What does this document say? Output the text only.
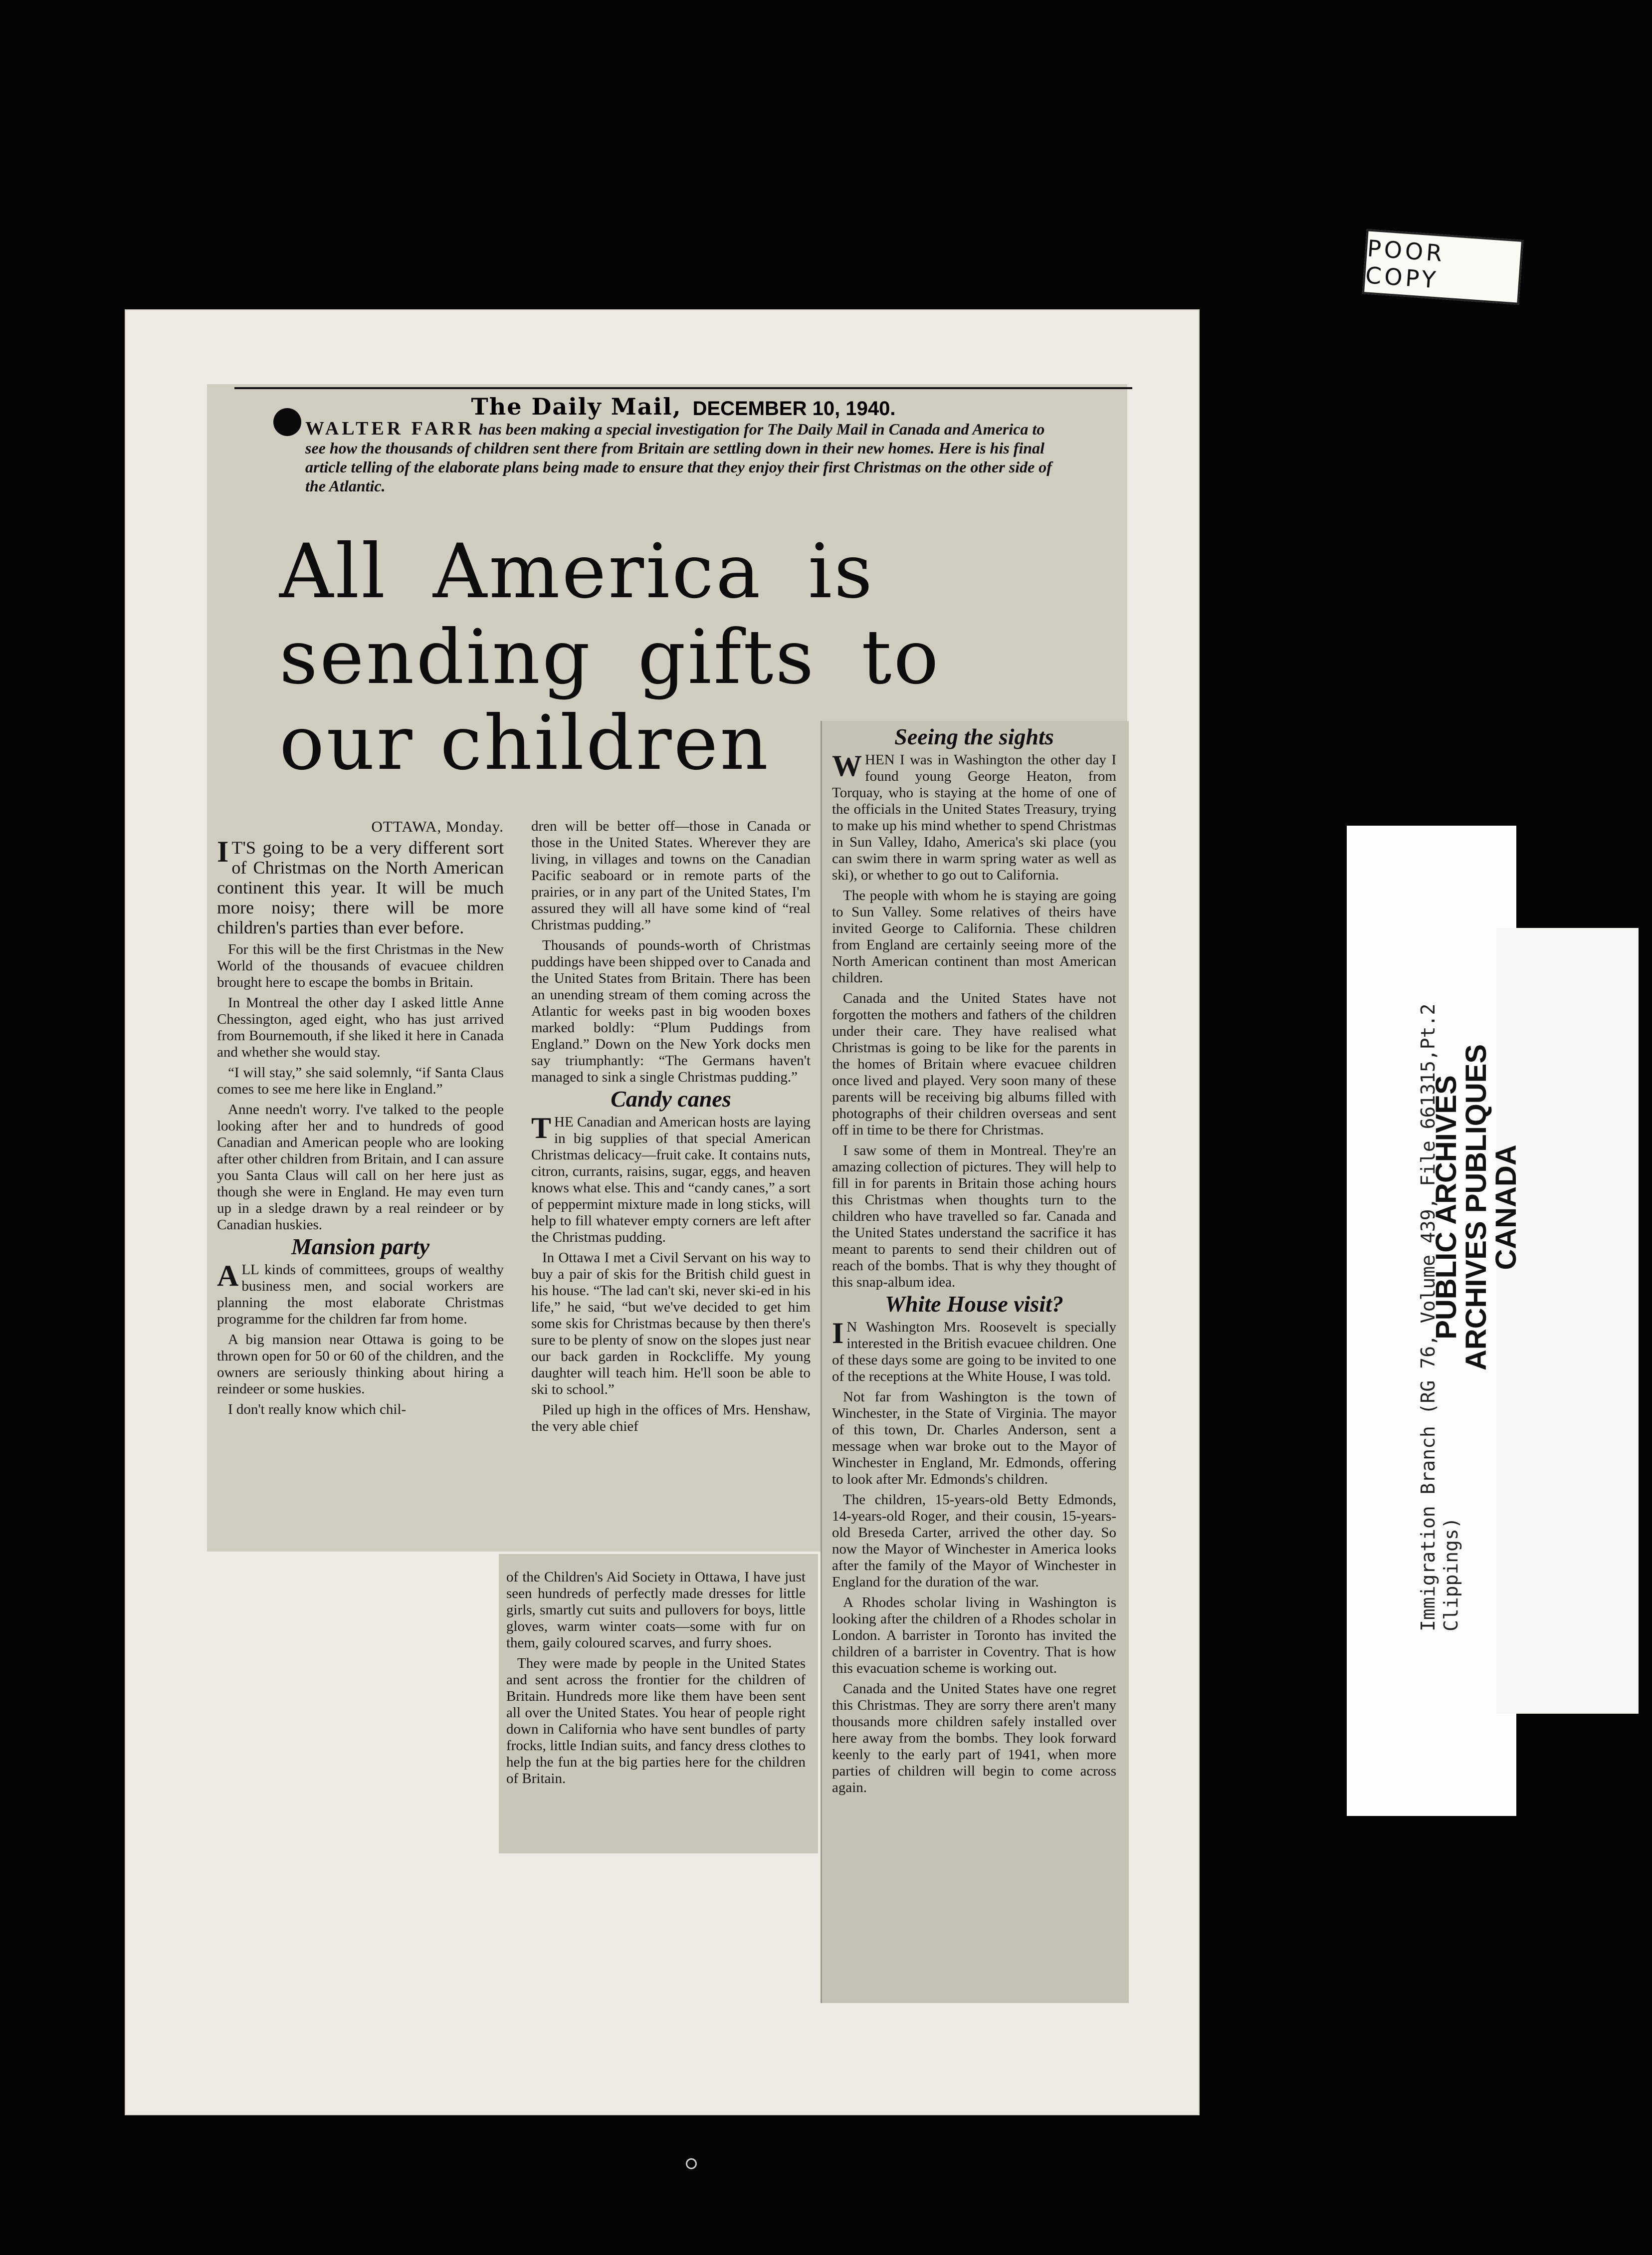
POOR COPY
The Daily Mail, DECEMBER 10, 1940.
WALTER FARR has been making a special investigation for The Daily Mail in Canada and America to see how the thousands of children sent there from Britain are settling down in their new homes. Here is his final article telling of the elaborate plans being made to ensure that they enjoy their first Christmas on the other side of the Atlantic.
All America is
sending gifts to
our children
OTTAWA, Monday.

I T'S going to be a very different sort of Christmas on the North American continent this year. It will be much more noisy; there will be more children's parties than ever before.

For this will be the first Christmas in the New World of the thousands of evacuee children brought here to escape the bombs in Britain.

In Montreal the other day I asked little Anne Chessington, aged eight, who has just arrived from Bournemouth, if she liked it here in Canada and whether she would stay.

“I will stay,” she said solemnly, “if Santa Claus comes to see me here like in England.”

Anne needn't worry. I've talked to the people looking after her and to hundreds of good Canadian and American people who are looking after other children from Britain, and I can assure you Santa Claus will call on her here just as though she were in England. He may even turn up in a sledge drawn by a real reindeer or by Canadian huskies.

Mansion party

ALL kinds of committees, groups of wealthy business men, and social workers are planning the most elaborate Christmas programme for the children far from home.

A big mansion near Ottawa is going to be thrown open for 50 or 60 of the children, and the owners are seriously thinking about hiring a reindeer or some huskies.

I don't really know which chil-

dren will be better off—those in Canada or those in the United States. Wherever they are living, in villages and towns on the Canadian Pacific seaboard or in remote parts of the prairies, or in any part of the United States, I'm assured they will all have some kind of “real Christmas pudding.”

Thousands of pounds-worth of Christmas puddings have been shipped over to Canada and the United States from Britain. There has been an unending stream of them coming across the Atlantic for weeks past in big wooden boxes marked boldly: “Plum Puddings from England.” Down on the New York docks men say triumphantly: “The Germans haven't managed to sink a single Christmas pudding.”

Candy canes

THE Canadian and American hosts are laying in big supplies of that special American Christmas delicacy—fruit cake. It contains nuts, citron, currants, raisins, sugar, eggs, and heaven knows what else. This and “candy canes,” a sort of peppermint mixture made in long sticks, will help to fill whatever empty corners are left after the Christmas pudding.

In Ottawa I met a Civil Servant on his way to buy a pair of skis for the British child guest in his house. “The lad can't ski, never ski-ed in his life,” he said, “but we've decided to get him some skis for Christmas because by then there's sure to be plenty of snow on the slopes just near our back garden in Rockcliffe. My young daughter will teach him. He'll soon be able to ski to school.”

Piled up high in the offices of Mrs. Henshaw, the very able chief

of the Children's Aid Society in Ottawa, I have just seen hundreds of perfectly made dresses for little girls, smartly cut suits and pullovers for boys, little gloves, warm winter coats—some with fur on them, gaily coloured scarves, and furry shoes.

They were made by people in the United States and sent across the frontier for the children of Britain. Hundreds more like them have been sent all over the United States. You hear of people right down in California who have sent bundles of party frocks, little Indian suits, and fancy dress clothes to help the fun at the big parties here for the children of Britain.

Seeing the sights

WHEN I was in Washington the other day I found young George Heaton, from Torquay, who is staying at the home of one of the officials in the United States Treasury, trying to make up his mind whether to spend Christmas in Sun Valley, Idaho, America's ski place (you can swim there in warm spring water as well as ski), or whether to go out to California.

The people with whom he is staying are going to Sun Valley. Some relatives of theirs have invited George to California. These children from England are certainly seeing more of the North American continent than most American children.

Canada and the United States have not forgotten the mothers and fathers of the children under their care. They have realised what Christmas is going to be like for the parents in the homes of Britain where evacuee children once lived and played. Very soon many of these parents will be receiving big albums filled with photographs of their children overseas and sent off in time to be there for Christmas.

I saw some of them in Montreal. They're an amazing collection of pictures. They will help to fill in for parents in Britain those aching hours this Christmas when thoughts turn to the children who have travelled so far. Canada and the United States understand the sacrifice it has meant to parents to send their children out of reach of the bombs. That is why they thought of this snap-album idea.

White House visit?

I N Washington Mrs. Roosevelt is specially interested in the British evacuee children. One of these days some are going to be invited to one of the receptions at the White House, I was told.

Not far from Washington is the town of Winchester, in the State of Virginia. The mayor of this town, Dr. Charles Anderson, sent a message when war broke out to the Mayor of Winchester in England, Mr. Edmonds, offering to look after Mr. Edmonds's children.

The children, 15-years-old Betty Edmonds, 14-years-old Roger, and their cousin, 15-years-old Breseda Carter, arrived the other day. So now the Mayor of Winchester in America looks after the family of the Mayor of Winchester in England for the duration of the war.

A Rhodes scholar living in Washington is looking after the children of a Rhodes scholar in London. A barrister in Toronto has invited the children of a barrister in Coventry. That is how this evacuation scheme is working out.

Canada and the United States have one regret this Christmas. They are sorry there aren't many thousands more children safely installed over here away from the bombs. They look forward keenly to the early part of 1941, when more parties of children will begin to come across again.

Immigration Branch (RG 76, Volume 439, File 661315,Pt.2 Clippings)
PUBLIC ARCHIVES
ARCHIVES PUBLIQUES
CANADA
